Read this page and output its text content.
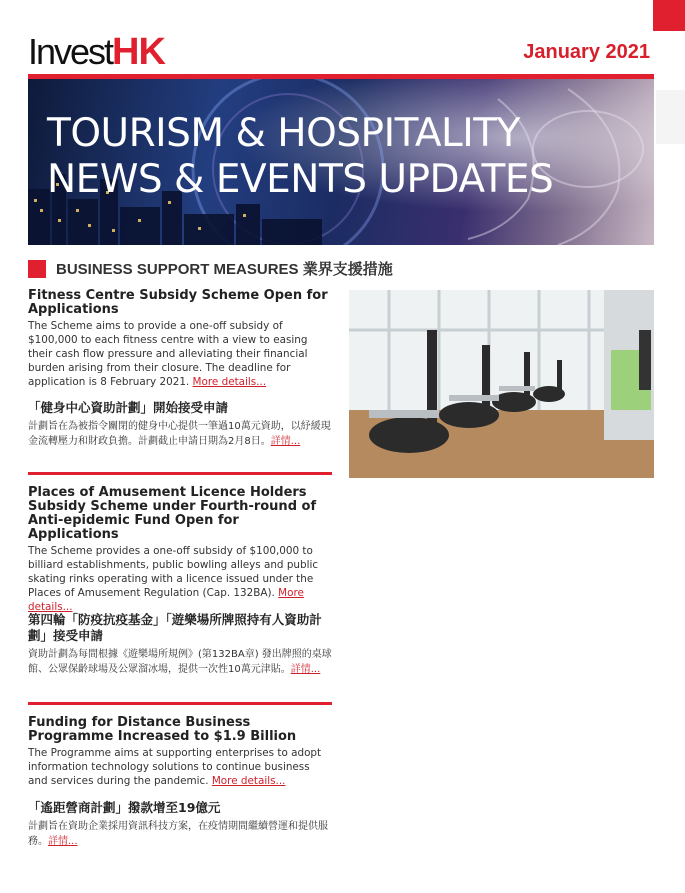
Invest HK	January 2021
TOURISM & HOSPITALITY
NEWS & EVENTS UPDATES
BUSINESS SUPPORT MEASURES 業界支援措施
Fitness Centre Subsidy Scheme Open for Applications
The Scheme aims to provide a one-off subsidy of $100,000 to each fitness centre with a view to easing their cash flow pressure and alleviating their financial burden arising from their closure. The deadline for application is 8 February 2021. More details...
「健身中心資助計劃」開始接受申請
計劃旨在為被指令關閉的健身中心提供一筆過10萬元資助，以紓緩現金流轉壓力和財政負擔。計劃截止申請日期為2月8日。詳情...
Places of Amusement Licence Holders Subsidy Scheme under Fourth-round of Anti-epidemic Fund Open for Applications
The Scheme provides a one-off subsidy of $100,000 to billiard establishments, public bowling alleys and public skating rinks operating with a licence issued under the Places of Amusement Regulation (Cap. 132BA). More details...
第四輪「防疫抗疫基金」「遊樂場所牌照持有人資助計劃」接受申請
資助計劃為每間根據《遊樂場所規例》(第132BA章) 發出牌照的桌球館、公眾保齡球場及公眾溜冰場，提供一次性10萬元津貼。詳情...
Funding for Distance Business Programme Increased to $1.9 Billion
The Programme aims at supporting enterprises to adopt information technology solutions to continue business and services during the pandemic. More details...
「遙距營商計劃」撥款增至19億元
計劃旨在資助企業採用資訊科技方案，在疫情期間繼續營運和提供服務。詳情...
